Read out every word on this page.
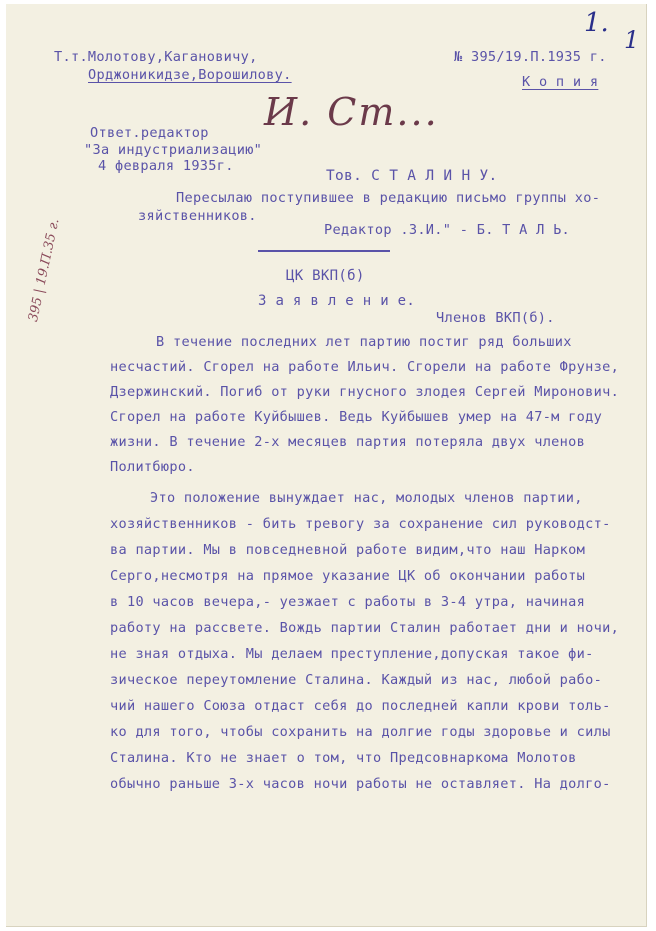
Т.т.Молотову,Кагановичу,
Орджоникидзе,Ворошилову.
№ 395/19.П.1935 г.
К о п и я
1.
1
И. Ст...
Ответ.редактор
"За индустриализацию"
4 февраля 1935г.
Тов. С Т А Л И Н У.
Пересылаю поступившее в редакцию письмо группы хо-
зяйственников.
Редактор .З.И." - Б. Т А Л Ь.
395 | 19.П.35 г.	ЦК ВКП(б)
З а я в л е н и е.
Членов ВКП(б).
В течение последних лет партию постиг ряд больших
несчастий. Сгорел на работе Ильич. Сгорели на работе Фрунзе,
Дзержинский. Погиб от руки гнусного злодея Сергей Миронович.
Сгорел на работе Куйбышев. Ведь Куйбышев умер на 47-м году
жизни. В течение 2-х месяцев партия потеряла двух членов
Политбюро.
Это положение вынуждает нас, молодых членов партии,
хозяйственников - бить тревогу за сохранение сил руководст-
ва партии. Мы в повседневной работе видим,что наш Нарком
Серго,несмотря на прямое указание ЦК об окончании работы
в 10 часов вечера,- уезжает с работы в 3-4 утра, начиная
работу на рассвете. Вождь партии Сталин работает дни и ночи,
не зная отдыха. Мы делаем преступление,допуская такое фи-
зическое переутомление Сталина. Каждый из нас, любой рабо-
чий нашего Союза отдаст себя до последней капли крови толь-
ко для того, чтобы сохранить на долгие годы здоровье и силы
Сталина. Кто не знает о том, что Предсовнаркома Молотов
обычно раньше 3-х часов ночи работы не оставляет. На долго-
